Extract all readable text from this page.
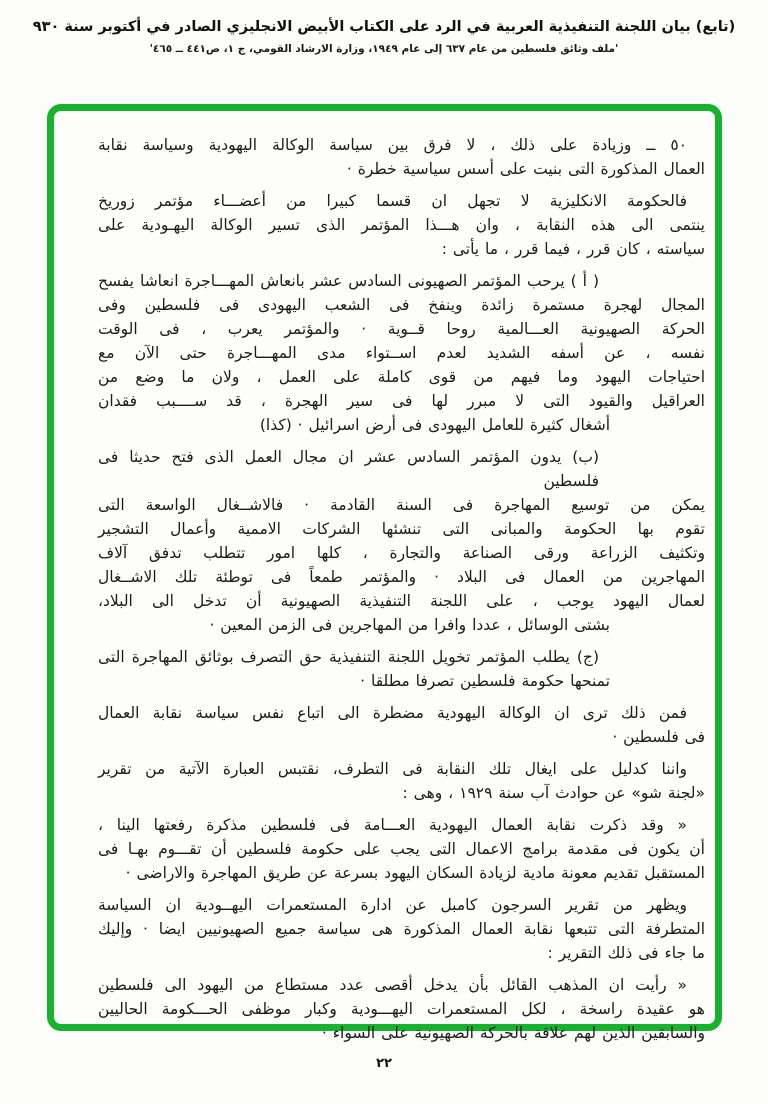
(تابع) بيان اللجنة التنفيذية العربية في الرد على الكتاب الأبيض الانجليزي الصادر في أكتوبر سنة ٩٣٠
'ملف وثائق فلسطين من عام ٦٣٧ إلى عام ١٩٤٩، وزارة الارشاد القومي، ج ١، ص٤٤١ ــ ٤٦٥'
٥٠ ــ وزيادة على ذلك ، لا فرق بين سياسة الوكالة اليهودية وسياسة نقابة
العمال المذكورة التى بنيت على أسس سياسية خطرة ·
فالحكومة الانكليزية لا تجهل ان قسما كبيرا من أعضـــاء مؤتمر زوريخ
ينتمى الى هذه النقابة ، وان هـــذا المؤتمر الذى تسير الوكالة اليهـودية على
سياسته ، كان قرر ، فيما قرر ، ما يأتى :
( أ ) يرحب المؤتمر الصهيونى السادس عشر بانعاش المهـــاجرة انعاشا يفسح
المجال لهجرة مستمرة زائدة وينفخ فى الشعب اليهودى فى فلسطين وفى
الحركة الصهيونية العـــالمية روحا قــوية · والمؤتمر يعرب ، فى الوقت
نفسه ، عن أسفه الشديد لعدم اســتواء مدى المهـــاجرة حتى الآن مع
احتياجات اليهود وما فيهم من قوى كاملة على العمل ، ولان ما وضع من
العراقيل والقيود التى لا مبرر لها فى سير الهجرة ، قد ســــبب فقدان
أشغال كثيرة للعامل اليهودى فى أرض اسرائيل · (كذا)
(ب) يدون المؤتمر السادس عشر ان مجال العمل الذى فتح حديثا فى فلسطين
يمكن من توسيع المهاجرة فى السنة القادمة · فالاشــغال الواسعة التى
تقوم بها الحكومة والمبانى التى تنشئها الشركات الاممية وأعمال التشجير
وتكثيف الزراعة ورقى الصناعة والتجارة ، كلها امور تتطلب تدفق آلاف
المهاجرين من العمال فى البلاد · والمؤتمر طمعاً فى توطئة تلك الاشــغال
لعمال اليهود يوجب ، على اللجنة التنفيذية الصهيونية أن تدخل الى البلاد،
بشتى الوسائل ، عددا وافرا من المهاجرين فى الزمن المعين ·
(ج) يطلب المؤتمر تخويل اللجنة التنفيذية حق التصرف بوثائق المهاجرة التى
تمنحها حكومة فلسطين تصرفا مطلقا ·
فمن ذلك ترى ان الوكالة اليهودية مضطرة الى اتباع نفس سياسة نقابة العمال
فى فلسطين ·
واننا كدليل على ايغال تلك النقابة فى التطرف، نقتبس العبارة الآتية من تقرير
«لجنة شو» عن حوادث آب سنة ١٩٢٩ ، وهى :
« وقد ذكرت نقابة العمال اليهودية العـــامة فى فلسطين مذكرة رفعتها الينا ،
أن يكون فى مقدمة برامج الاعمال التى يجب على حكومة فلسطين أن تقـــوم بهـا فى
المستقبل تقديم معونة مادية لزيادة السكان اليهود بسرعة عن طريق المهاجرة والاراضى ·
ويظهر من تقرير السرجون كامبل عن ادارة المستعمرات اليهــودية ان السياسة
المتطرفة التى تتبعها نقابة العمال المذكورة هى سياسة جميع الصهيونيين ايضا · وإليك
ما جاء فى ذلك التقرير :
« رأيت ان المذهب القائل بأن يدخل أقصى عدد مستطاع من اليهود الى فلسطين
هو عقيدة راسخة ، لكل المستعمرات اليهـــودية وكبار موظفى الحـــكومة الحاليين
والسابقين الذين لهم علاقة بالحركة الصهيونية على السواء ·
٢٢
